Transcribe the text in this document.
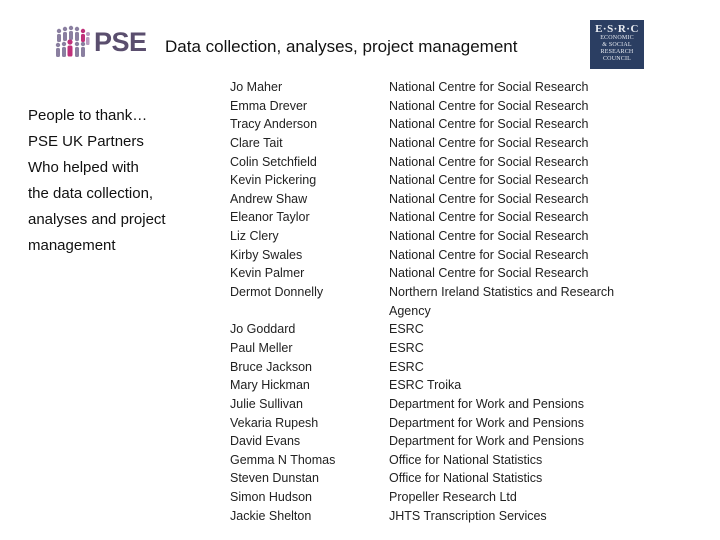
PSE Data collection, analyses, project management
E·S·R·C
ECONOMIC
& SOCIAL
RESEARCH
COUNCIL
People to thank…
PSE UK Partners
Who helped with
the data collection,
analyses and project
management
Jo Maher
Emma Drever
Tracy Anderson
Clare Tait
Colin Setchfield
Kevin Pickering
Andrew Shaw
Eleanor Taylor
Liz Clery
Kirby Swales
Kevin Palmer
Dermot Donnelly
Jo Goddard
Paul Meller
Bruce Jackson
Mary Hickman
Julie Sullivan
Vekaria Rupesh
David Evans
Gemma N Thomas
Steven Dunstan
Simon Hudson
Jackie Shelton
National Centre for Social Research
National Centre for Social Research
National Centre for Social Research
National Centre for Social Research
National Centre for Social Research
National Centre for Social Research
National Centre for Social Research
National Centre for Social Research
National Centre for Social Research
National Centre for Social Research
National Centre for Social Research
Northern Ireland Statistics and Research
Agency
ESRC
ESRC
ESRC
ESRC Troika
Department for Work and Pensions
Department for Work and Pensions
Department for Work and Pensions
Office for National Statistics
Office for National Statistics
Propeller Research Ltd
JHTS Transcription Services
